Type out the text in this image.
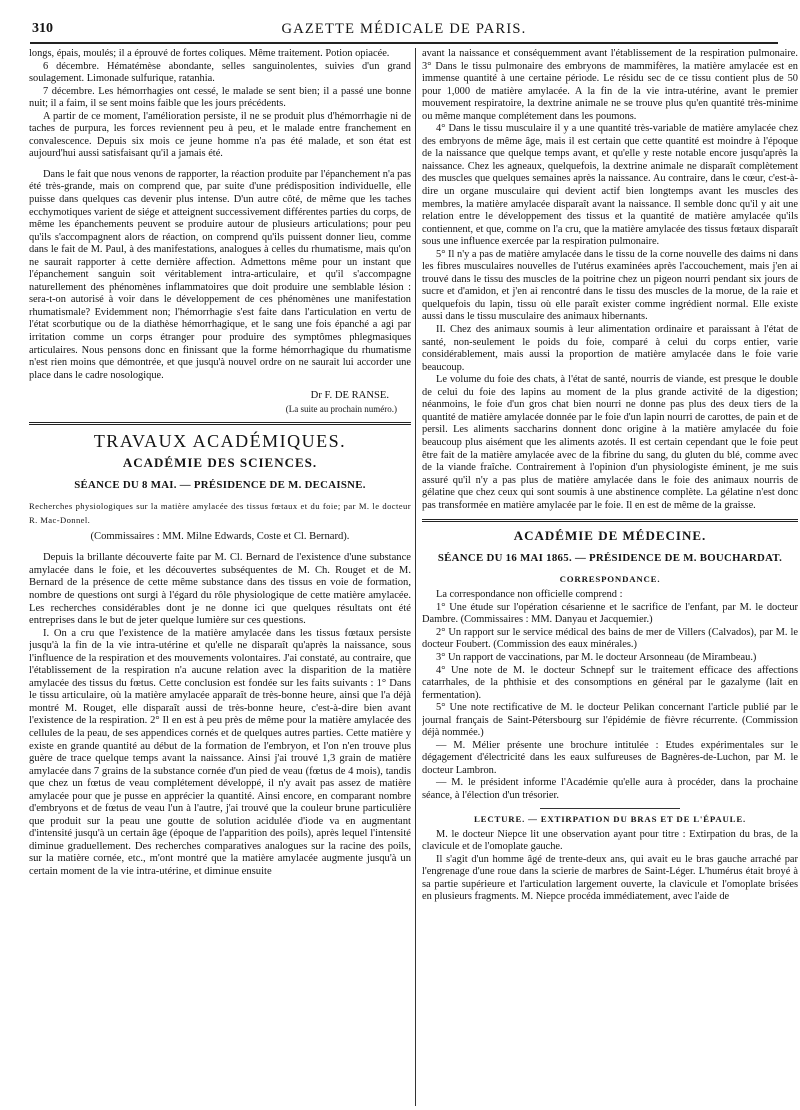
310	GAZETTE MÉDICALE DE PARIS.

longs, épais, moulés; il a éprouvé de fortes coliques. Même traitement. Potion opiacée.

6 décembre. Hématémèse abondante, selles sanguinolentes, suivies d'un grand soulagement. Limonade sulfurique, ratanhia.

7 décembre. Les hémorrhagies ont cessé, le malade se sent bien; il a passé une bonne nuit; il a faim, il se sent moins faible que les jours précédents.

A partir de ce moment, l'amélioration persiste, il ne se produit plus d'hémorrhagie ni de taches de purpura, les forces reviennent peu à peu, et le malade entre franchement en convalescence. Depuis six mois ce jeune homme n'a pas été malade, et son état est aujourd'hui aussi satisfaisant qu'il a jamais été.

Dans le fait que nous venons de rapporter, la réaction produite par l'épanchement n'a pas été très-grande, mais on comprend que, par suite d'une prédisposition individuelle, elle puisse dans quelques cas devenir plus intense. D'un autre côté, de même que les taches ecchymotiques varient de siége et atteignent successivement différentes parties du corps, de même les épanchements peuvent se produire autour de plusieurs articulations; pour peu qu'ils s'accompagnent alors de réaction, on comprend qu'ils puissent donner lieu, comme dans le fait de M. Paul, à des manifestations, analogues à celles du rhumatisme, mais qu'on ne saurait rapporter à cette dernière affection. Admettons même pour un instant que l'épanchement sanguin soit véritablement intra-articulaire, et qu'il s'accompagne naturellement des phénomènes inflammatoires que doit produire une semblable lésion : sera-t-on autorisé à voir dans le développement de ces phénomènes une manifestation rhumatismale? Evidemment non; l'hémorrhagie s'est faite dans l'articulation en vertu de l'état scorbutique ou de la diathèse hémorrhagique, et le sang une fois épanché a agi par irritation comme un corps étranger pour produire des symptômes phlegmasiques articulaires. Nous pensons donc en finissant que la forme hémorrhagique du rhumatisme n'est rien moins que démontrée, et que jusqu'à nouvel ordre on ne saurait lui accorder une place dans le cadre nosologique.

Dr F. DE RANSE.

(La suite au prochain numéro.)

TRAVAUX ACADÉMIQUES.
ACADÉMIE DES SCIENCES.
SÉANCE DU 8 MAI. — PRÉSIDENCE DE M. DECAISNE.
Recherches physiologiques sur la matière amylacée des tissus fœtaux et du foie; par M. le docteur R. Mac-Donnel.
(Commissaires : MM. Milne Edwards, Coste et Cl. Bernard).

Depuis la brillante découverte faite par M. Cl. Bernard de l'existence d'une substance amylacée dans le foie, et les découvertes subséquentes de M. Ch. Rouget et de M. Bernard de la présence de cette même substance dans des tissus en voie de formation, nombre de questions ont surgi à l'égard du rôle physiologique de cette matière amylacée. Les recherches considérables dont je ne donne ici que quelques résultats ont été entreprises dans le but de jeter quelque lumière sur ces questions.

I. On a cru que l'existence de la matière amylacée dans les tissus fœtaux persiste jusqu'à la fin de la vie intra-utérine et qu'elle ne disparaît qu'après la naissance, sous l'influence de la respiration et des mouvements volontaires. J'ai constaté, au contraire, que l'établissement de la respiration n'a aucune relation avec la disparition de la matière amylacée des tissus du fœtus. Cette conclusion est fondée sur les faits suivants : 1° Dans le tissu articulaire, où la matière amylacée apparaît de très-bonne heure, ainsi que l'a déjà montré M. Rouget, elle disparaît aussi de très-bonne heure, c'est-à-dire bien avant l'existence de la respiration. 2° Il en est à peu près de même pour la matière amylacée des cellules de la peau, de ses appendices cornés et de quelques autres parties. Cette matière y existe en grande quantité au début de la formation de l'embryon, et l'on n'en trouve plus guère de trace quelque temps avant la naissance. Ainsi j'ai trouvé 1,3 grain de matière amylacée dans 7 grains de la substance cornée d'un pied de veau (fœtus de 4 mois), tandis que chez un fœtus de veau complétement développé, il n'y avait pas assez de matière amylacée pour que je pusse en apprécier la quantité. Ainsi encore, en comparant nombre d'embryons et de fœtus de veau l'un à l'autre, j'ai trouvé que la couleur brune particulière que produit sur la peau une goutte de solution acidulée d'iode va en augmentant d'intensité jusqu'à un certain âge (époque de l'apparition des poils), après lequel l'intensité diminue graduellement. Des recherches comparatives analogues sur la racine des poils, sur la matière cornée, etc., m'ont montré que la matière amylacée augmente jusqu'à un certain moment de la vie intra-utérine, et diminue ensuite

avant la naissance et conséquemment avant l'établissement de la respiration pulmonaire. 3° Dans le tissu pulmonaire des embryons de mammifères, la matière amylacée est en immense quantité à une certaine période. Le résidu sec de ce tissu contient plus de 50 pour 1,000 de matière amylacée. A la fin de la vie intra-utérine, avant le premier mouvement respiratoire, la dextrine animale ne se trouve plus qu'en quantité très-minime ou même manque complétement dans les poumons.

4° Dans le tissu musculaire il y a une quantité très-variable de matière amylacée chez des embryons de même âge, mais il est certain que cette quantité est moindre à l'époque de la naissance que quelque temps avant, et qu'elle y reste notable encore jusqu'après la naissance. Chez les agneaux, quelquefois, la dextrine animale ne disparaît complètement des muscles que quelques semaines après la naissance. Au contraire, dans le cœur, c'est-à-dire un organe musculaire qui devient actif bien longtemps avant les muscles des membres, la matière amylacée disparaît avant la naissance. Il semble donc qu'il y ait une relation entre le développement des tissus et la quantité de matière amylacée qu'ils contiennent, et que, comme on l'a cru, que la matière amylacée des tissus fœtaux disparaît sous une influence exercée par la respiration pulmonaire.

5° Il n'y a pas de matière amylacée dans le tissu de la corne nouvelle des daims ni dans les fibres musculaires nouvelles de l'utérus examinées après l'accouchement, mais j'en ai trouvé dans le tissu des muscles de la poitrine chez un pigeon nourri pendant six jours de sucre et d'amidon, et j'en ai rencontré dans le tissu des muscles de la morue, de la raie et quelquefois du lapin, tissu où elle paraît exister comme ingrédient normal. Elle existe aussi dans le tissu musculaire des animaux hibernants.

II. Chez des animaux soumis à leur alimentation ordinaire et paraissant à l'état de santé, non-seulement le poids du foie, comparé à celui du corps entier, varie considérablement, mais aussi la proportion de matière amylacée dans le foie varie beaucoup.

Le volume du foie des chats, à l'état de santé, nourris de viande, est presque le double de celui du foie des lapins au moment de la plus grande activité de la digestion; néanmoins, le foie d'un gros chat bien nourri ne donne pas plus des deux tiers de la quantité de matière amylacée donnée par le foie d'un lapin nourri de carottes, de pain et de persil. Les aliments saccharins donnent donc origine à la matière amylacée du foie beaucoup plus aisément que les aliments azotés. Il est certain cependant que le foie peut être fait de la matière amylacée avec de la fibrine du sang, du gluten du blé, comme avec de la viande fraîche. Contrairement à l'opinion d'un physiologiste éminent, je me suis assuré qu'il n'y a pas plus de matière amylacée dans le foie des animaux nourris de gélatine que chez ceux qui sont soumis à une abstinence complète. La gélatine n'est donc pas transformée en matière amylacée par le foie. Il en est de même de la graisse.

ACADÉMIE DE MÉDECINE.
SÉANCE DU 16 MAI 1865. — PRÉSIDENCE DE M. BOUCHARDAT.
CORRESPONDANCE.

La correspondance non officielle comprend :

1° Une étude sur l'opération césarienne et le sacrifice de l'enfant, par M. le docteur Dambre. (Commissaires : MM. Danyau et Jacquemier.)

2° Un rapport sur le service médical des bains de mer de Villers (Calvados), par M. le docteur Foubert. (Commission des eaux minérales.)

3° Un rapport de vaccinations, par M. le docteur Arsonneau (de Mirambeau.)

4° Une note de M. le docteur Schnepf sur le traitement efficace des affections catarrhales, de la phthisie et des consomptions en général par le gazalyme (lait en fermentation).

5° Une note rectificative de M. le docteur Pelikan concernant l'article publié par le journal français de Saint-Pétersbourg sur l'épidémie de fièvre récurrente. (Commission déjà nommée.)

— M. Mélier présente une brochure intitulée : Etudes expérimentales sur le dégagement d'électricité dans les eaux sulfureuses de Bagnères-de-Luchon, par M. le docteur Lambron.

— M. le président informe l'Académie qu'elle aura à procéder, dans la prochaine séance, à l'élection d'un trésorier.

LECTURE. — EXTIRPATION DU BRAS ET DE L'ÉPAULE.

M. le docteur Niepce lit une observation ayant pour titre : Extirpation du bras, de la clavicule et de l'omoplate gauche.

Il s'agit d'un homme âgé de trente-deux ans, qui avait eu le bras gauche arraché par l'engrenage d'une roue dans la scierie de marbres de Saint-Léger. L'humérus était broyé à sa partie supérieure et l'articulation largement ouverte, la clavicule et l'omoplate brisées en plusieurs fragments. M. Niepce procéda immédiatement, avec l'aide de
